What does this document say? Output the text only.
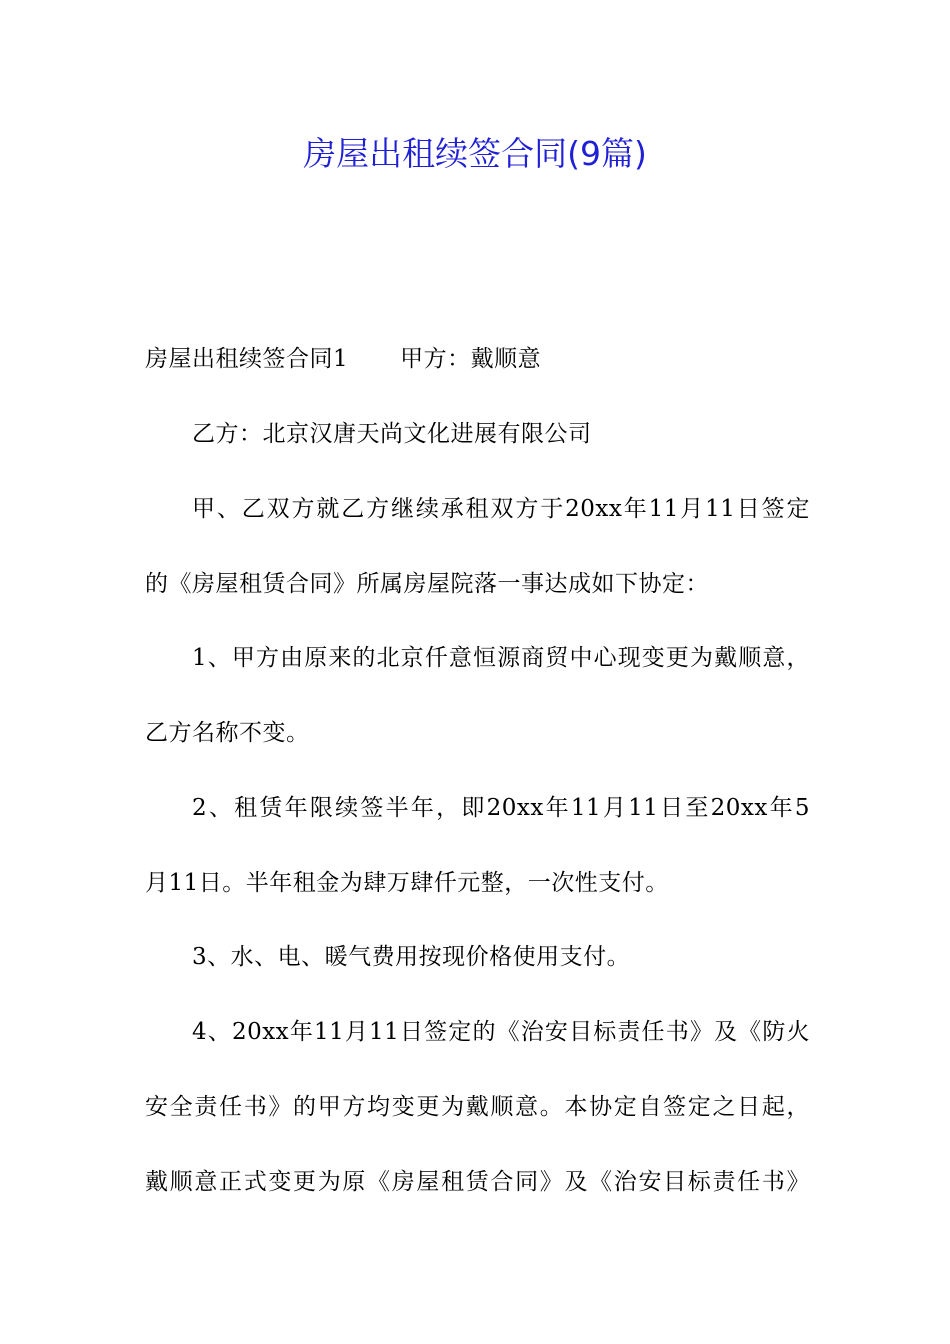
房屋出租续签合同(9篇)
房屋出租续签合同1 甲方：戴顺意
乙方：北京汉唐天尚文化进展有限公司
甲、乙双方就乙方继续承租双方于20xx年11月11日签定
的《房屋租赁合同》所属房屋院落一事达成如下协定：
1、甲方由原来的北京仟意恒源商贸中心现变更为戴顺意，
乙方名称不变。
2、租赁年限续签半年，即20xx年11月11日至20xx年5
月11日。半年租金为肆万肆仟元整，一次性支付。
3、水、电、暖气费用按现价格使用支付。
4、20xx年11月11日签定的《治安目标责任书》及《防火
安全责任书》的甲方均变更为戴顺意。本协定自签定之日起，
戴顺意正式变更为原《房屋租赁合同》及《治安目标责任书》
